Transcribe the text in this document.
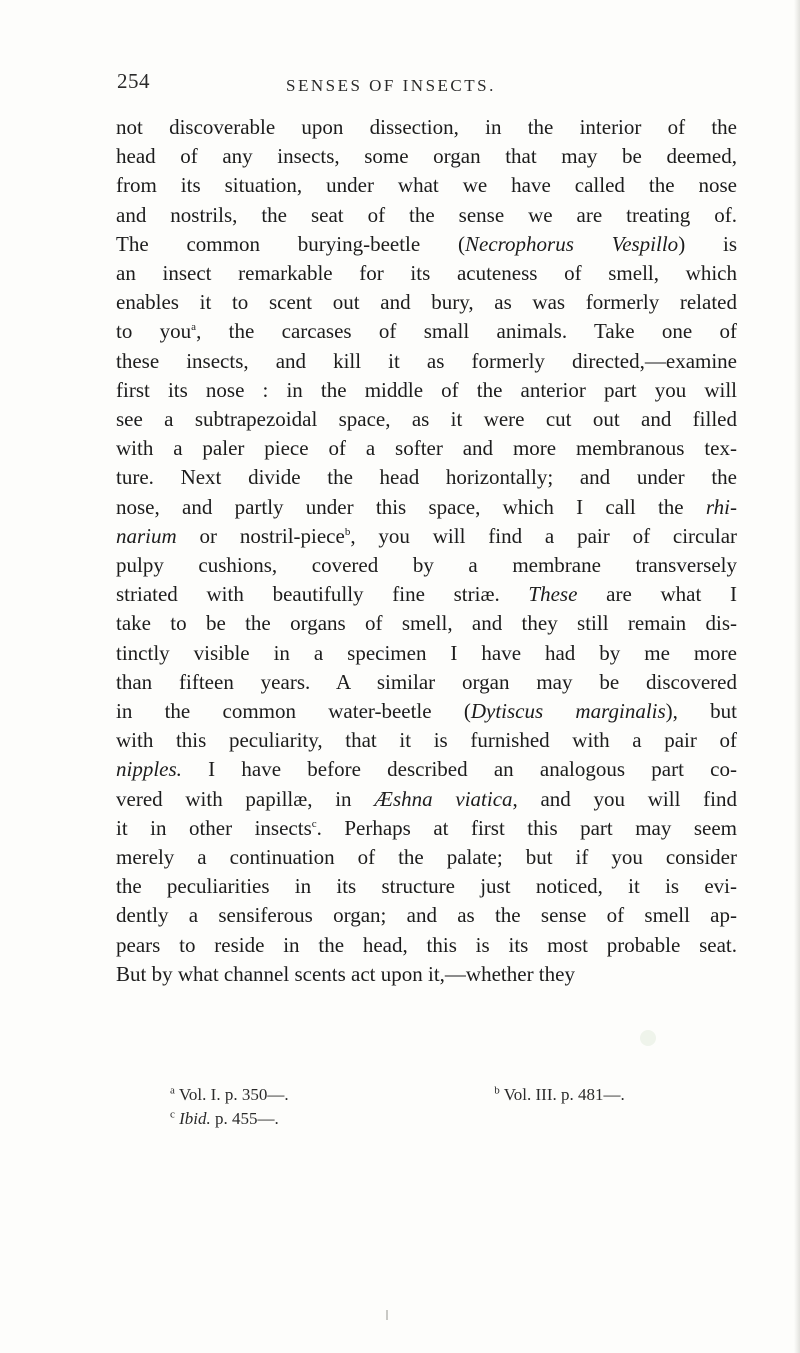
254	SENSES OF INSECTS.
not discoverable upon dissection, in the interior of the
head of any insects, some organ that may be deemed,
from its situation, under what we have called the nose
and nostrils, the seat of the sense we are treating of.
The common burying-beetle (Necrophorus Vespillo) is
an insect remarkable for its acuteness of smell, which
enables it to scent out and bury, as was formerly related
to you$^a$, the carcases of small animals. Take one of
these insects, and kill it as formerly directed,—examine
first its nose : in the middle of the anterior part you will
see a subtrapezoidal space, as it were cut out and filled
with a paler piece of a softer and more membranous tex-
ture. Next divide the head horizontally; and under the
nose, and partly under this space, which I call the rhi-
narium or nostril-piece$^b$, you will find a pair of circular
pulpy cushions, covered by a membrane transversely
striated with beautifully fine striæ. These are what I
take to be the organs of smell, and they still remain dis-
tinctly visible in a specimen I have had by me more
than fifteen years. A similar organ may be discovered
in the common water-beetle (Dytiscus marginalis), but
with this peculiarity, that it is furnished with a pair of
nipples. I have before described an analogous part co-
vered with papillæ, in Æshna viatica, and you will find
it in other insects$^c$. Perhaps at first this part may seem
merely a continuation of the palate; but if you consider
the peculiarities in its structure just noticed, it is evi-
dently a sensiferous organ; and as the sense of smell ap-
pears to reside in the head, this is its most probable seat.
But by what channel scents act upon it,—whether they
$^a$ Vol. I. p. 350—.	$^b$ Vol. III. p. 481—.
$^c$ Ibid. p. 455—.
